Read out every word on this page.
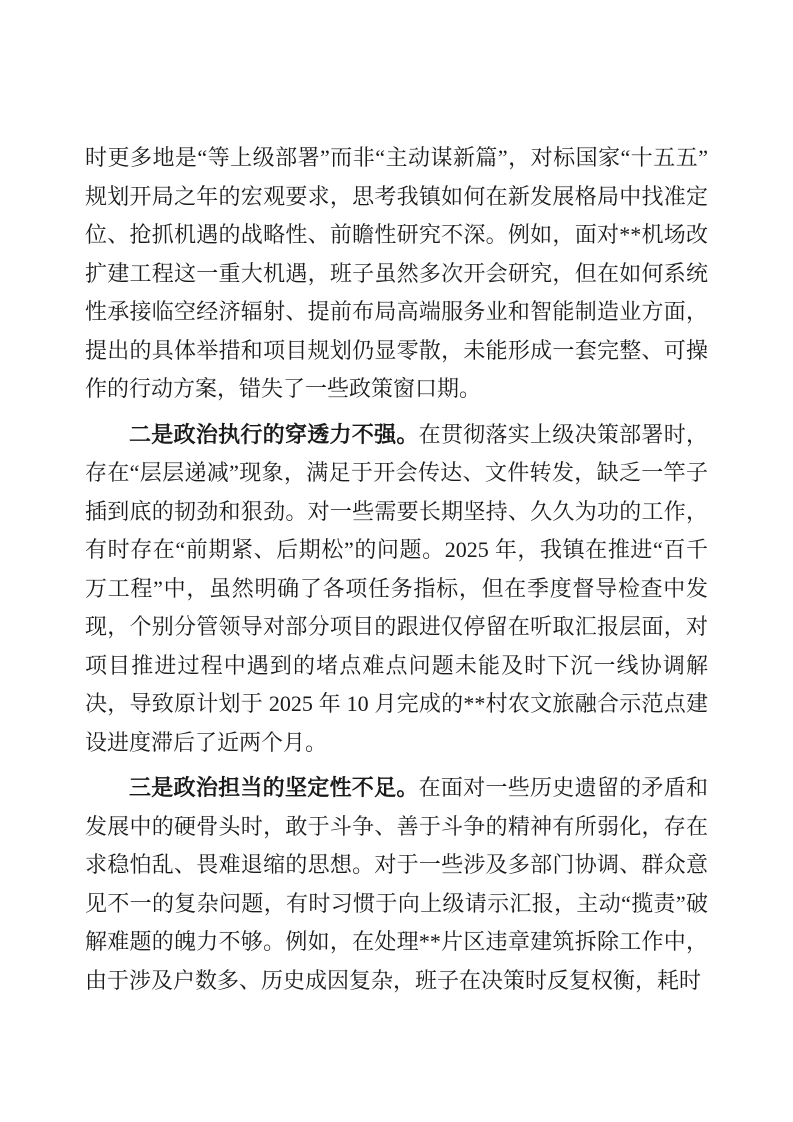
时更多地是“等上级部署”而非“主动谋新篇”，对标国家“十五五”规划开局之年的宏观要求，思考我镇如何在新发展格局中找准定位、抢抓机遇的战略性、前瞻性研究不深。例如，面对**机场改扩建工程这一重大机遇，班子虽然多次开会研究，但在如何系统性承接临空经济辐射、提前布局高端服务业和智能制造业方面，提出的具体举措和项目规划仍显零散，未能形成一套完整、可操作的行动方案，错失了一些政策窗口期。

二是政治执行的穿透力不强。在贯彻落实上级决策部署时，存在“层层递减”现象，满足于开会传达、文件转发，缺乏一竿子插到底的韧劲和狠劲。对一些需要长期坚持、久久为功的工作，有时存在“前期紧、后期松”的问题。2025 年，我镇在推进“百千万工程”中，虽然明确了各项任务指标，但在季度督导检查中发现，个别分管领导对部分项目的跟进仅停留在听取汇报层面，对项目推进过程中遇到的堵点难点问题未能及时下沉一线协调解决，导致原计划于 2025 年 10 月完成的**村农文旅融合示范点建设进度滞后了近两个月。

三是政治担当的坚定性不足。在面对一些历史遗留的矛盾和发展中的硬骨头时，敢于斗争、善于斗争的精神有所弱化，存在求稳怕乱、畏难退缩的思想。对于一些涉及多部门协调、群众意见不一的复杂问题，有时习惯于向上级请示汇报，主动“揽责”破解难题的魄力不够。例如，在处理**片区违章建筑拆除工作中，由于涉及户数多、历史成因复杂，班子在决策时反复权衡，耗时
